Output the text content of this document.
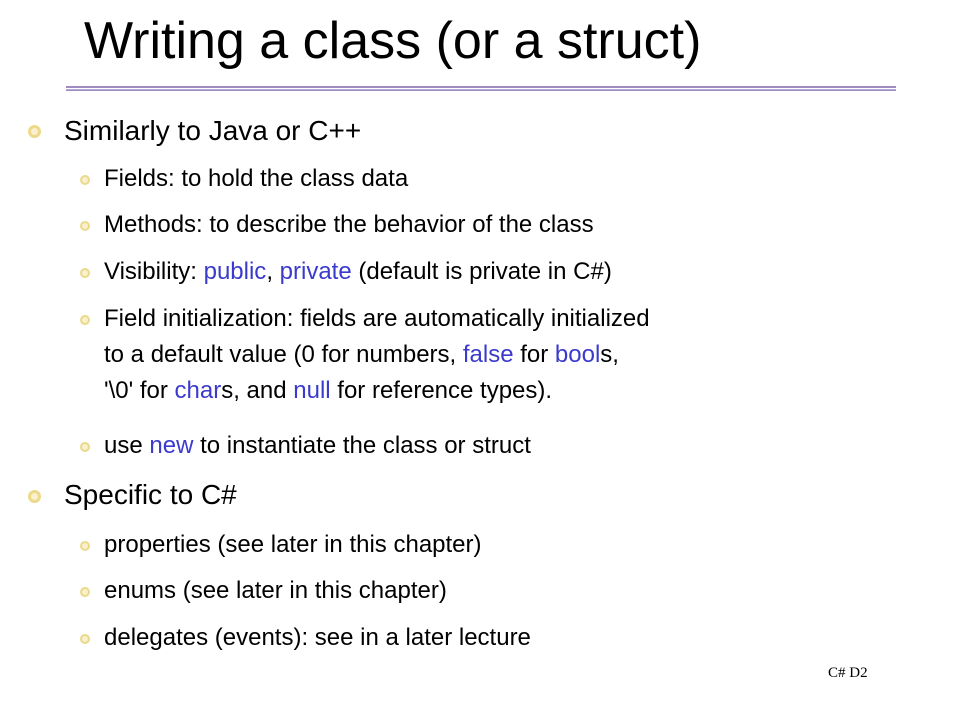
Writing a class (or a struct)
Similarly to Java or C++
Fields: to hold the class data
Methods: to describe the behavior of the class
Visibility: public, private (default is private in C#)
Field initialization: fields are automatically initialized
to a default value (0 for numbers, false for bools,
'\0' for chars, and null for reference types).
use new to instantiate the class or struct
Specific to C#
properties (see later in this chapter)
enums (see later in this chapter)
delegates (events): see in a later lecture
C# D2
